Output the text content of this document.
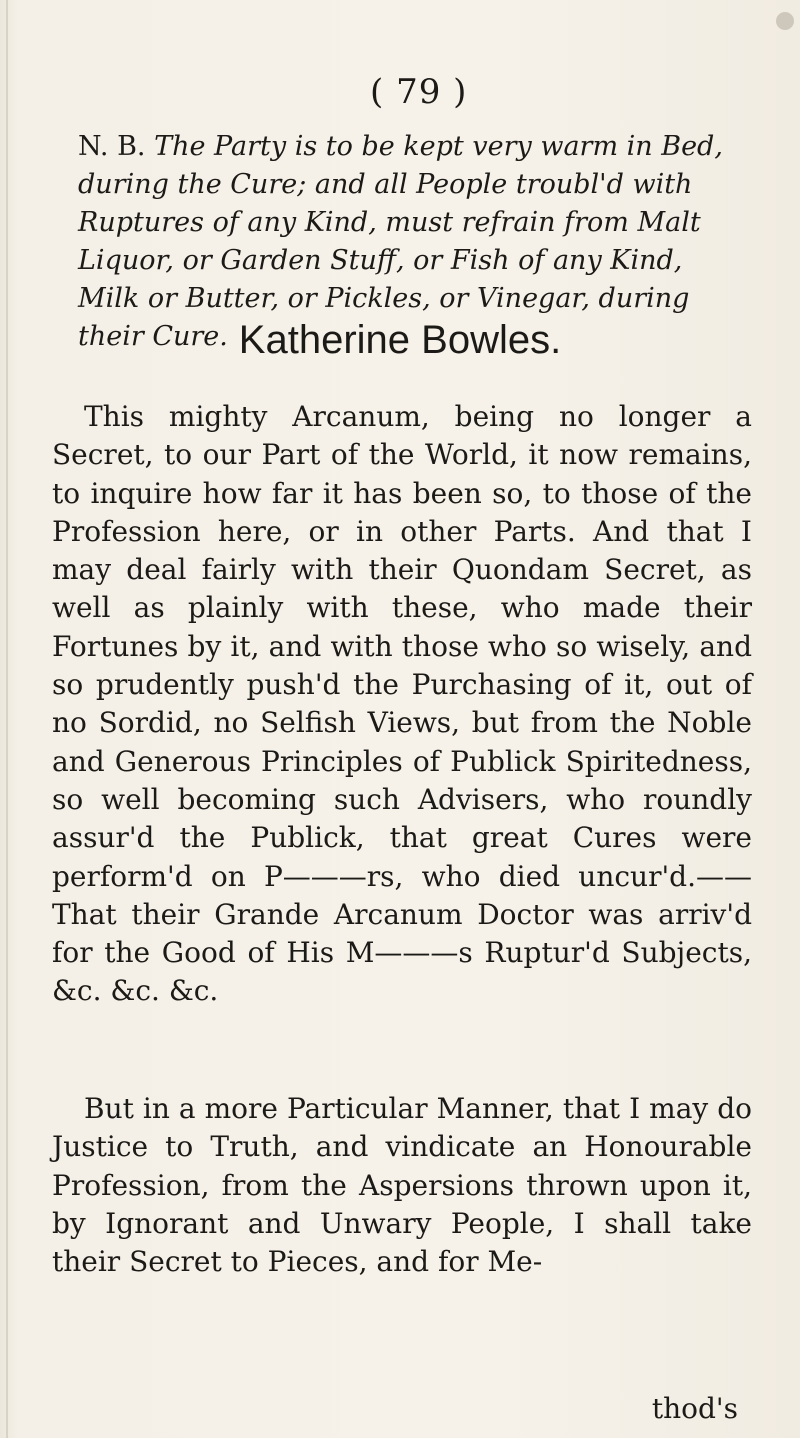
( 79 )
N. B. The Party is to be kept very warm in Bed, during the Cure; and all People troubl'd with Ruptures of any Kind, must refrain from Malt Liquor, or Garden Stuff, or Fish of any Kind, Milk or Butter, or Pickles, or Vinegar, during their Cure. Katherine Bowles.
This mighty Arcanum, being no longer a Secret, to our Part of the World, it now remains, to inquire how far it has been so, to those of the Profession here, or in other Parts. And that I may deal fairly with their Quondam Secret, as well as plainly with these, who made their Fortunes by it, and with those who so wisely, and so prudently push'd the Purchasing of it, out of no Sordid, no Selfish Views, but from the Noble and Generous Principles of Publick Spiritedness, so well becoming such Advisers, who roundly assur'd the Publick, that great Cures were perform'd on P———rs, who died uncur'd.——That their Grande Arcanum Doctor was arriv'd for the Good of His M———s Ruptur'd Subjects, &c. &c. &c.
But in a more Particular Manner, that I may do Justice to Truth, and vindicate an Honourable Profession, from the Aspersions thrown upon it, by Ignorant and Unwary People, I shall take their Secret to Pieces, and for Me-
thod's
